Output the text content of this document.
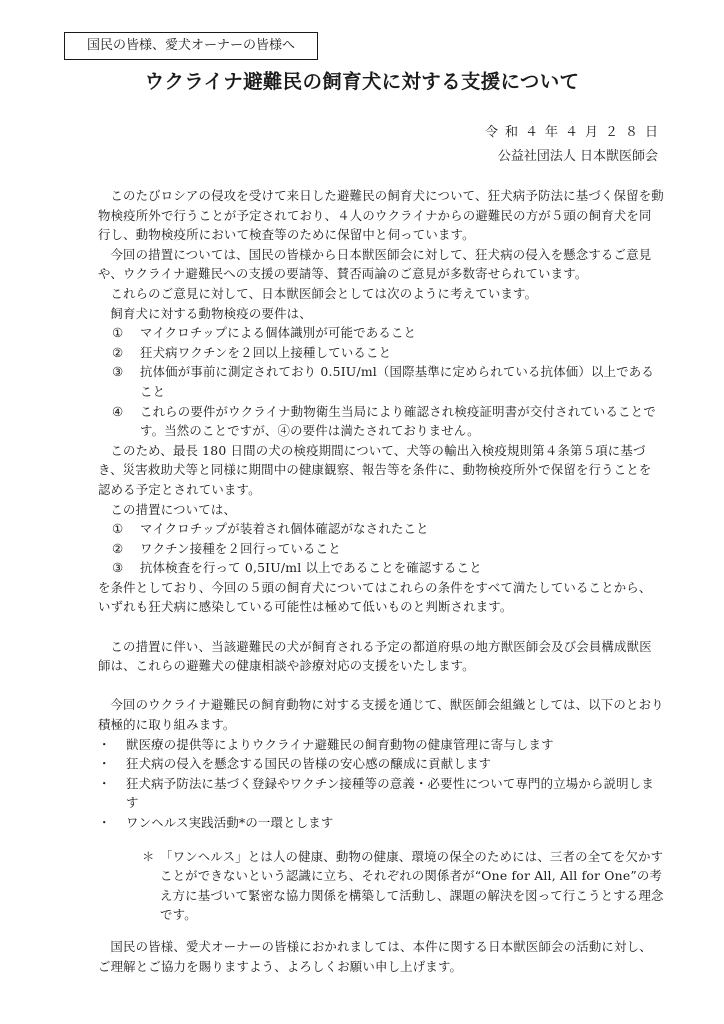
国民の皆様、愛犬オーナーの皆様へ
ウクライナ避難民の飼育犬に対する支援について
令和４年４月２８日
公益社団法人 日本獣医師会

このたびロシアの侵攻を受けて来日した避難民の飼育犬について、狂犬病予防法に基づく保留を動物検疫所外で行うことが予定されており、４人のウクライナからの避難民の方が５頭の飼育犬を同行し、動物検疫所において検査等のために保留中と伺っています。

今回の措置については、国民の皆様から日本獣医師会に対して、狂犬病の侵入を懸念するご意見や、ウクライナ避難民への支援の要請等、賛否両論のご意見が多数寄せられています。

これらのご意見に対して、日本獣医師会としては次のように考えています。

飼育犬に対する動物検疫の要件は、

①	マイクロチップによる個体識別が可能であること
②	狂犬病ワクチンを２回以上接種していること
③	抗体価が事前に測定されており 0.5IU/ml（国際基準に定められている抗体価）以上であること
④	これらの要件がウクライナ動物衛生当局により確認され検疫証明書が交付されていることです。当然のことですが、④の要件は満たされておりません。

このため、最長 180 日間の犬の検疫期間について、犬等の輸出入検疫規則第４条第５項に基づき、災害救助犬等と同様に期間中の健康観察、報告等を条件に、動物検疫所外で保留を行うことを認める予定とされています。

この措置については、

①	マイクロチップが装着され個体確認がなされたこと
②	ワクチン接種を２回行っていること
③	抗体検査を行って 0,5IU/ml 以上であることを確認すること

を条件としており、今回の５頭の飼育犬についてはこれらの条件をすべて満たしていることから、いずれも狂犬病に感染している可能性は極めて低いものと判断されます。

この措置に伴い、当該避難民の犬が飼育される予定の都道府県の地方獣医師会及び会員構成獣医師は、これらの避難犬の健康相談や診療対応の支援をいたします。

今回のウクライナ避難民の飼育動物に対する支援を通じて、獣医師会組織としては、以下のとおり積極的に取り組みます。

・	獣医療の提供等によりウクライナ避難民の飼育動物の健康管理に寄与します
・	狂犬病の侵入を懸念する国民の皆様の安心感の醸成に貢献します
・	狂犬病予防法に基づく登録やワクチン接種等の意義・必要性について専門的立場から説明します
・	ワンヘルス実践活動*の一環とします
＊ 「ワンヘルス」とは人の健康、動物の健康、環境の保全のためには、三者の全てを欠かすことができないという認識に立ち、それぞれの関係者が“One for All, All for One”の考え方に基づいて緊密な協力関係を構築して活動し、課題の解決を図って行こうとする理念です。

国民の皆様、愛犬オーナーの皆様におかれましては、本件に関する日本獣医師会の活動に対し、ご理解とご協力を賜りますよう、よろしくお願い申し上げます。
